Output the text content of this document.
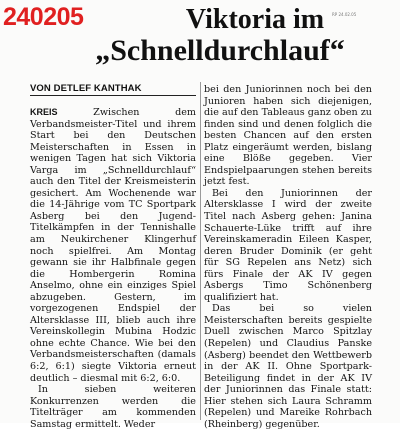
240205	Viktoria im
„Schnelldurchlauf“
RP 24.02.05
VON DETLEF KANTHAK

KREIS	Zwischen dem Verbandsmeister-Titel und ihrem Start bei den Deutschen Meisterschaften in Essen in wenigen Tagen hat sich Viktoria Varga im „Schnelldurchlauf“ auch den Titel der Kreismeisterin gesichert. Am Wochenende war die 14-Jährige vom TC Sportpark Asberg bei den Jugend-Titelkämpfen in der Tennishalle am Neukirchener Klingerhuf noch spielfrei. Am Montag gewann sie ihr Halbfinale gegen die Hombergerin Romina Anselmo, ohne ein einziges Spiel abzugeben. Gestern, im vorgezogenen Endspiel der Altersklasse III, blieb auch ihre Vereinskollegin Mubina Hodzic ohne echte Chance. Wie bei den Verbandsmeisterschaften (damals 6:2, 6:1) siegte Viktoria erneut deutlich – diesmal mit 6:2, 6:0.

In sieben weiteren Konkurrenzen werden die Titelträger am kommenden Samstag ermittelt. Weder

bei den Juniorinnen noch bei den Junioren haben sich diejenigen, die auf den Tableaus ganz oben zu finden sind und denen folglich die besten Chancen auf den ersten Platz eingeräumt werden, bislang eine Blöße gegeben. Vier Endspielpaarungen stehen bereits jetzt fest.

Bei den Juniorinnen der Altersklasse I wird der zweite Titel nach Asberg gehen: Janina Schauerte-Lüke trifft auf ihre Vereinskameradin Eileen Kasper, deren Bruder Dominik (er geht für SG Repelen ans Netz) sich fürs Finale der AK IV gegen Asbergs Timo Schönenberg qualifiziert hat.

Das bei so vielen Meisterschaften bereits gespielte Duell zwischen Marco Spitzlay (Repelen) und Claudius Panske (Asberg) beendet den Wettbewerb in der AK II. Ohne Sportpark-Beteiligung findet in der AK IV der Juniorinnen das Finale statt: Hier stehen sich Laura Schramm (Repelen) und Mareike Rohrbach (Rheinberg) gegenüber.
